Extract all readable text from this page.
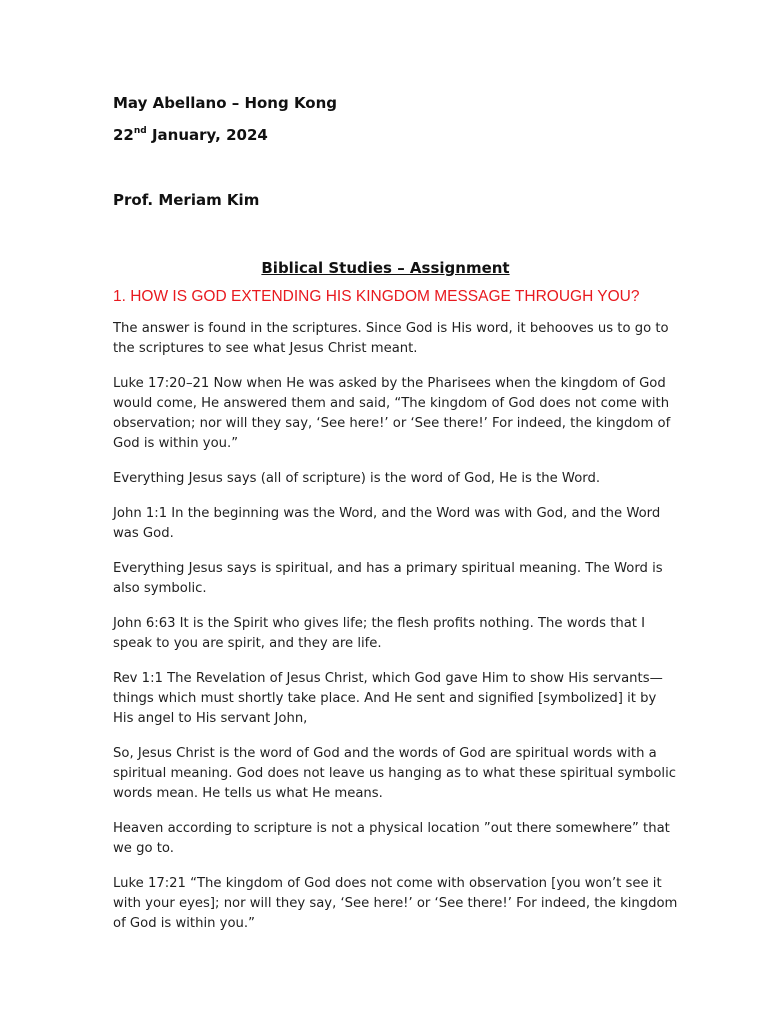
May Abellano – Hong Kong

22nd January, 2024

Prof. Meriam Kim

Biblical Studies – Assignment

1. HOW IS GOD EXTENDING HIS KINGDOM MESSAGE THROUGH YOU?

The answer is found in the scriptures. Since God is His word, it behooves us to go to
the scriptures to see what Jesus Christ meant.

Luke 17:20–21 Now when He was asked by the Pharisees when the kingdom of God
would come, He answered them and said, “The kingdom of God does not come with
observation; nor will they say, ‘See here!’ or ‘See there!’ For indeed, the kingdom of
God is within you.”

Everything Jesus says (all of scripture) is the word of God, He is the Word.

John 1:1 In the beginning was the Word, and the Word was with God, and the Word
was God.

Everything Jesus says is spiritual, and has a primary spiritual meaning. The Word is
also symbolic.

John 6:63 It is the Spirit who gives life; the flesh profits nothing. The words that I
speak to you are spirit, and they are life.

Rev 1:1 The Revelation of Jesus Christ, which God gave Him to show His servants—
things which must shortly take place. And He sent and signified [symbolized] it by
His angel to His servant John,

So, Jesus Christ is the word of God and the words of God are spiritual words with a
spiritual meaning. God does not leave us hanging as to what these spiritual symbolic
words mean. He tells us what He means.

Heaven according to scripture is not a physical location ”out there somewhere” that
we go to.

Luke 17:21 “The kingdom of God does not come with observation [you won’t see it
with your eyes]; nor will they say, ‘See here!’ or ‘See there!’ For indeed, the kingdom
of God is within you.”
